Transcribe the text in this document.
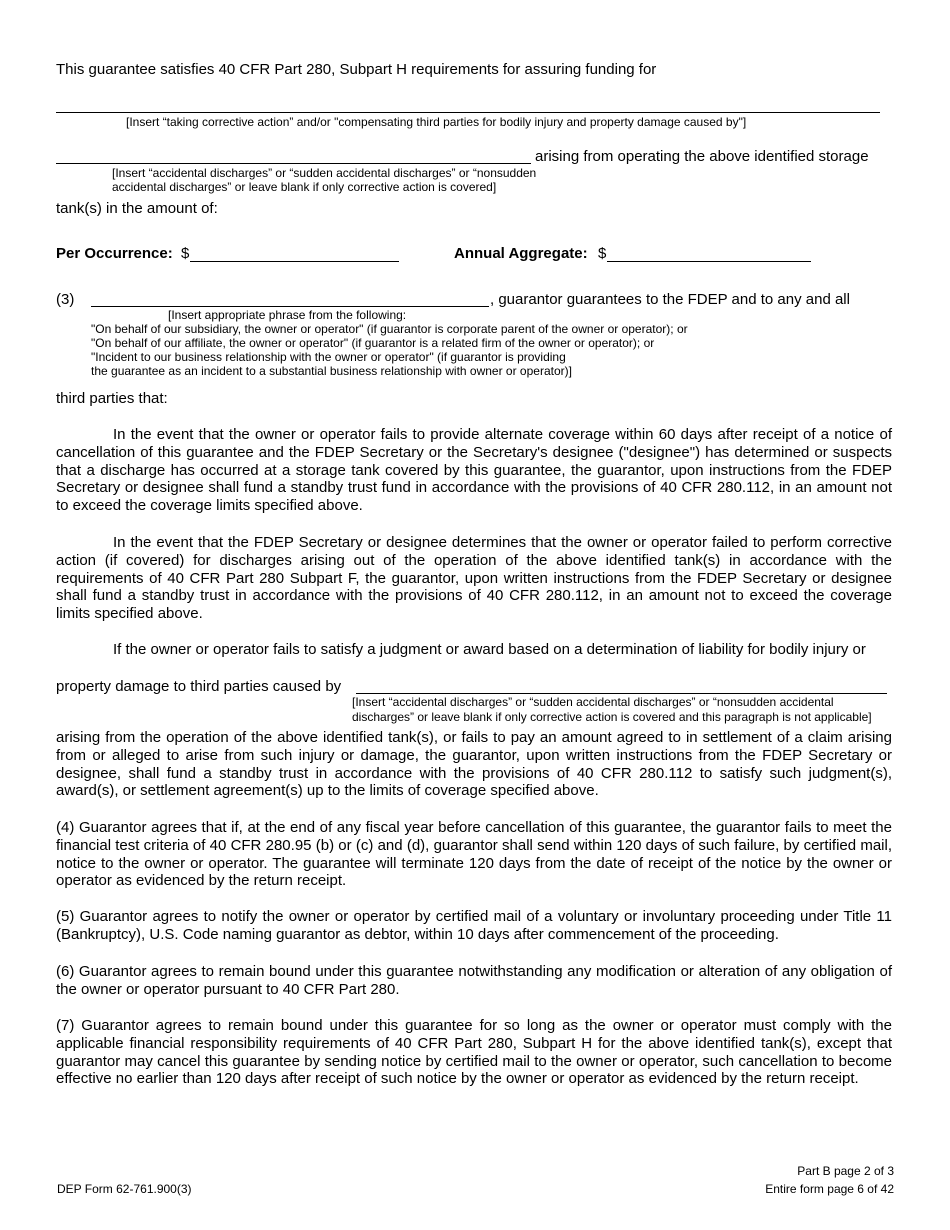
This guarantee satisfies 40 CFR Part 280, Subpart H requirements for assuring funding for
[Insert “taking corrective action” and/or "compensating third parties for bodily injury and property damage caused by"]
arising from operating the above identified storage
[Insert “accidental discharges” or “sudden accidental discharges” or “nonsudden
accidental discharges” or leave blank if only corrective action is covered]
tank(s) in the amount of:
Per Occurrence: $	Annual Aggregate: $
(3)	, guarantor guarantees to the FDEP and to any and all
[Insert appropriate phrase from the following:
"On behalf of our subsidiary, the owner or operator" (if guarantor is corporate parent of the owner or operator); or
"On behalf of our affiliate, the owner or operator" (if guarantor is a related firm of the owner or operator); or
"Incident to our business relationship with the owner or operator" (if guarantor is providing
the guarantee as an incident to a substantial business relationship with owner or operator)]
third parties that:
In the event that the owner or operator fails to provide alternate coverage within 60 days after receipt of a notice of cancellation of this guarantee and the FDEP Secretary or the Secretary's designee ("designee") has determined or suspects that a discharge has occurred at a storage tank covered by this guarantee, the guarantor, upon instructions from the FDEP Secretary or designee shall fund a standby trust fund in accordance with the provisions of 40 CFR 280.112, in an amount not to exceed the coverage limits specified above.
In the event that the FDEP Secretary or designee determines that the owner or operator failed to perform corrective action (if covered) for discharges arising out of the operation of the above identified tank(s) in accordance with the requirements of 40 CFR Part 280 Subpart F, the guarantor, upon written instructions from the FDEP Secretary or designee shall fund a standby trust in accordance with the provisions of 40 CFR 280.112, in an amount not to exceed the coverage limits specified above.
If the owner or operator fails to satisfy a judgment or award based on a determination of liability for bodily injury or
property damage to third parties caused by
[Insert “accidental discharges” or “sudden accidental discharges” or “nonsudden accidental
discharges” or leave blank if only corrective action is covered and this paragraph is not applicable]
arising from the operation of the above identified tank(s), or fails to pay an amount agreed to in settlement of a claim arising from or alleged to arise from such injury or damage, the guarantor, upon written instructions from the FDEP Secretary or designee, shall fund a standby trust in accordance with the provisions of 40 CFR 280.112 to satisfy such judgment(s), award(s), or settlement agreement(s) up to the limits of coverage specified above.
(4) Guarantor agrees that if, at the end of any fiscal year before cancellation of this guarantee, the guarantor fails to meet the financial test criteria of 40 CFR 280.95 (b) or (c) and (d), guarantor shall send within 120 days of such failure, by certified mail, notice to the owner or operator. The guarantee will terminate 120 days from the date of receipt of the notice by the owner or operator as evidenced by the return receipt.
(5) Guarantor agrees to notify the owner or operator by certified mail of a voluntary or involuntary proceeding under Title 11 (Bankruptcy), U.S. Code naming guarantor as debtor, within 10 days after commencement of the proceeding.
(6) Guarantor agrees to remain bound under this guarantee notwithstanding any modification or alteration of any obligation of the owner or operator pursuant to 40 CFR Part 280.
(7) Guarantor agrees to remain bound under this guarantee for so long as the owner or operator must comply with the applicable financial responsibility requirements of 40 CFR Part 280, Subpart H for the above identified tank(s), except that guarantor may cancel this guarantee by sending notice by certified mail to the owner or operator, such cancellation to become effective no earlier than 120 days after receipt of such notice by the owner or operator as evidenced by the return receipt.
DEP Form 62-761.900(3)
Part B page 2 of 3
Entire form page 6 of 42
